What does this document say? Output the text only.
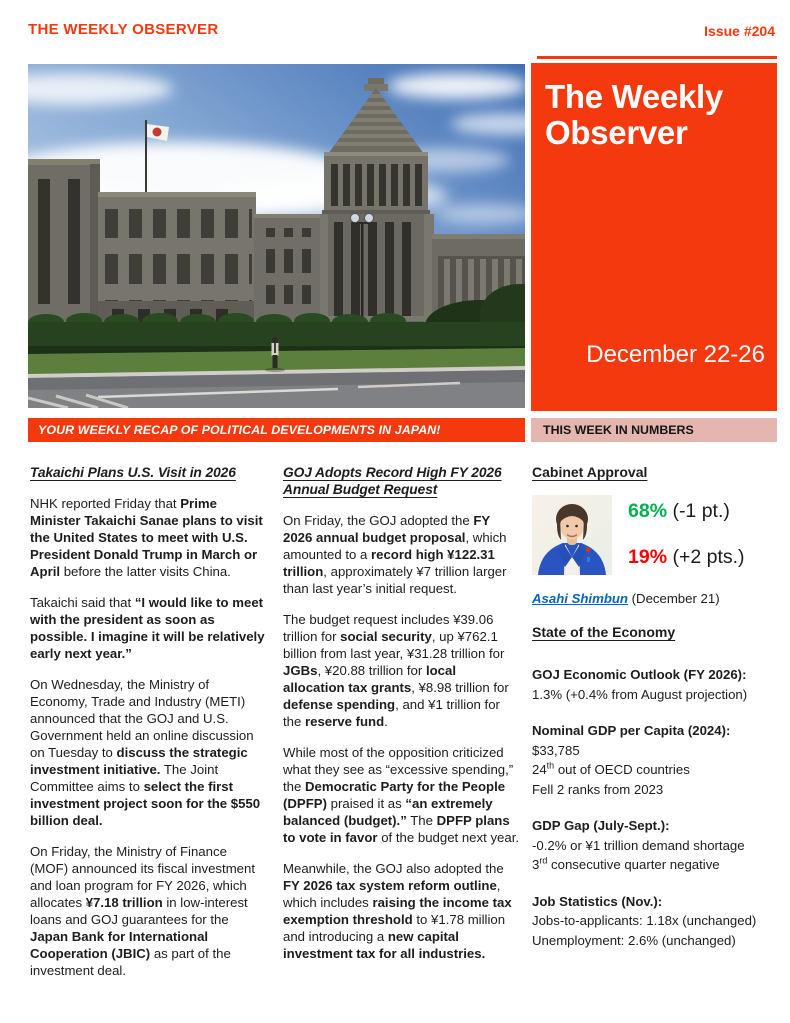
THE WEEKLY OBSERVER	Issue #204
The Weekly Observer
December 22-26
YOUR WEEKLY RECAP OF POLITICAL DEVELOPMENTS IN JAPAN!	THIS WEEK IN NUMBERS
Takaichi Plans U.S. Visit in 2026

NHK reported Friday that Prime Minister Takaichi Sanae plans to visit the United States to meet with U.S. President Donald Trump in March or April before the latter visits China.

Takaichi said that “I would like to meet with the president as soon as possible. I imagine it will be relatively early next year.”

On Wednesday, the Ministry of Economy, Trade and Industry (METI) announced that the GOJ and U.S. Government held an online discussion on Tuesday to discuss the strategic investment initiative. The Joint Committee aims to select the first investment project soon for the $550 billion deal.

On Friday, the Ministry of Finance (MOF) announced its fiscal investment and loan program for FY 2026, which allocates ¥7.18 trillion in low-interest loans and GOJ guarantees for the Japan Bank for International Cooperation (JBIC) as part of the investment deal.

GOJ Adopts Record High FY 2026 Annual Budget Request

On Friday, the GOJ adopted the FY 2026 annual budget proposal, which amounted to a record high ¥122.31 trillion, approximately ¥7 trillion larger than last year’s initial request.

The budget request includes ¥39.06 trillion for social security, up ¥762.1 billion from last year, ¥31.28 trillion for JGBs, ¥20.88 trillion for local allocation tax grants, ¥8.98 trillion for defense spending, and ¥1 trillion for the reserve fund.

While most of the opposition criticized what they see as “excessive spending,” the Democratic Party for the People (DPFP) praised it as “an extremely balanced (budget).” The DPFP plans to vote in favor of the budget next year.

Meanwhile, the GOJ also adopted the FY 2026 tax system reform outline, which includes raising the income tax exemption threshold to ¥1.78 million and introducing a new capital investment tax for all industries.

Cabinet Approval
68% (-1 pt.)
19% (+2 pts.)
Asahi Shimbun (December 21)
State of the Economy
GOJ Economic Outlook (FY 2026):
1.3% (+0.4% from August projection)
Nominal GDP per Capita (2024):
$33,785
24th out of OECD countries
Fell 2 ranks from 2023
GDP Gap (July-Sept.):
-0.2% or ¥1 trillion demand shortage
3rd consecutive quarter negative
Job Statistics (Nov.):
Jobs-to-applicants: 1.18x (unchanged)
Unemployment: 2.6% (unchanged)
